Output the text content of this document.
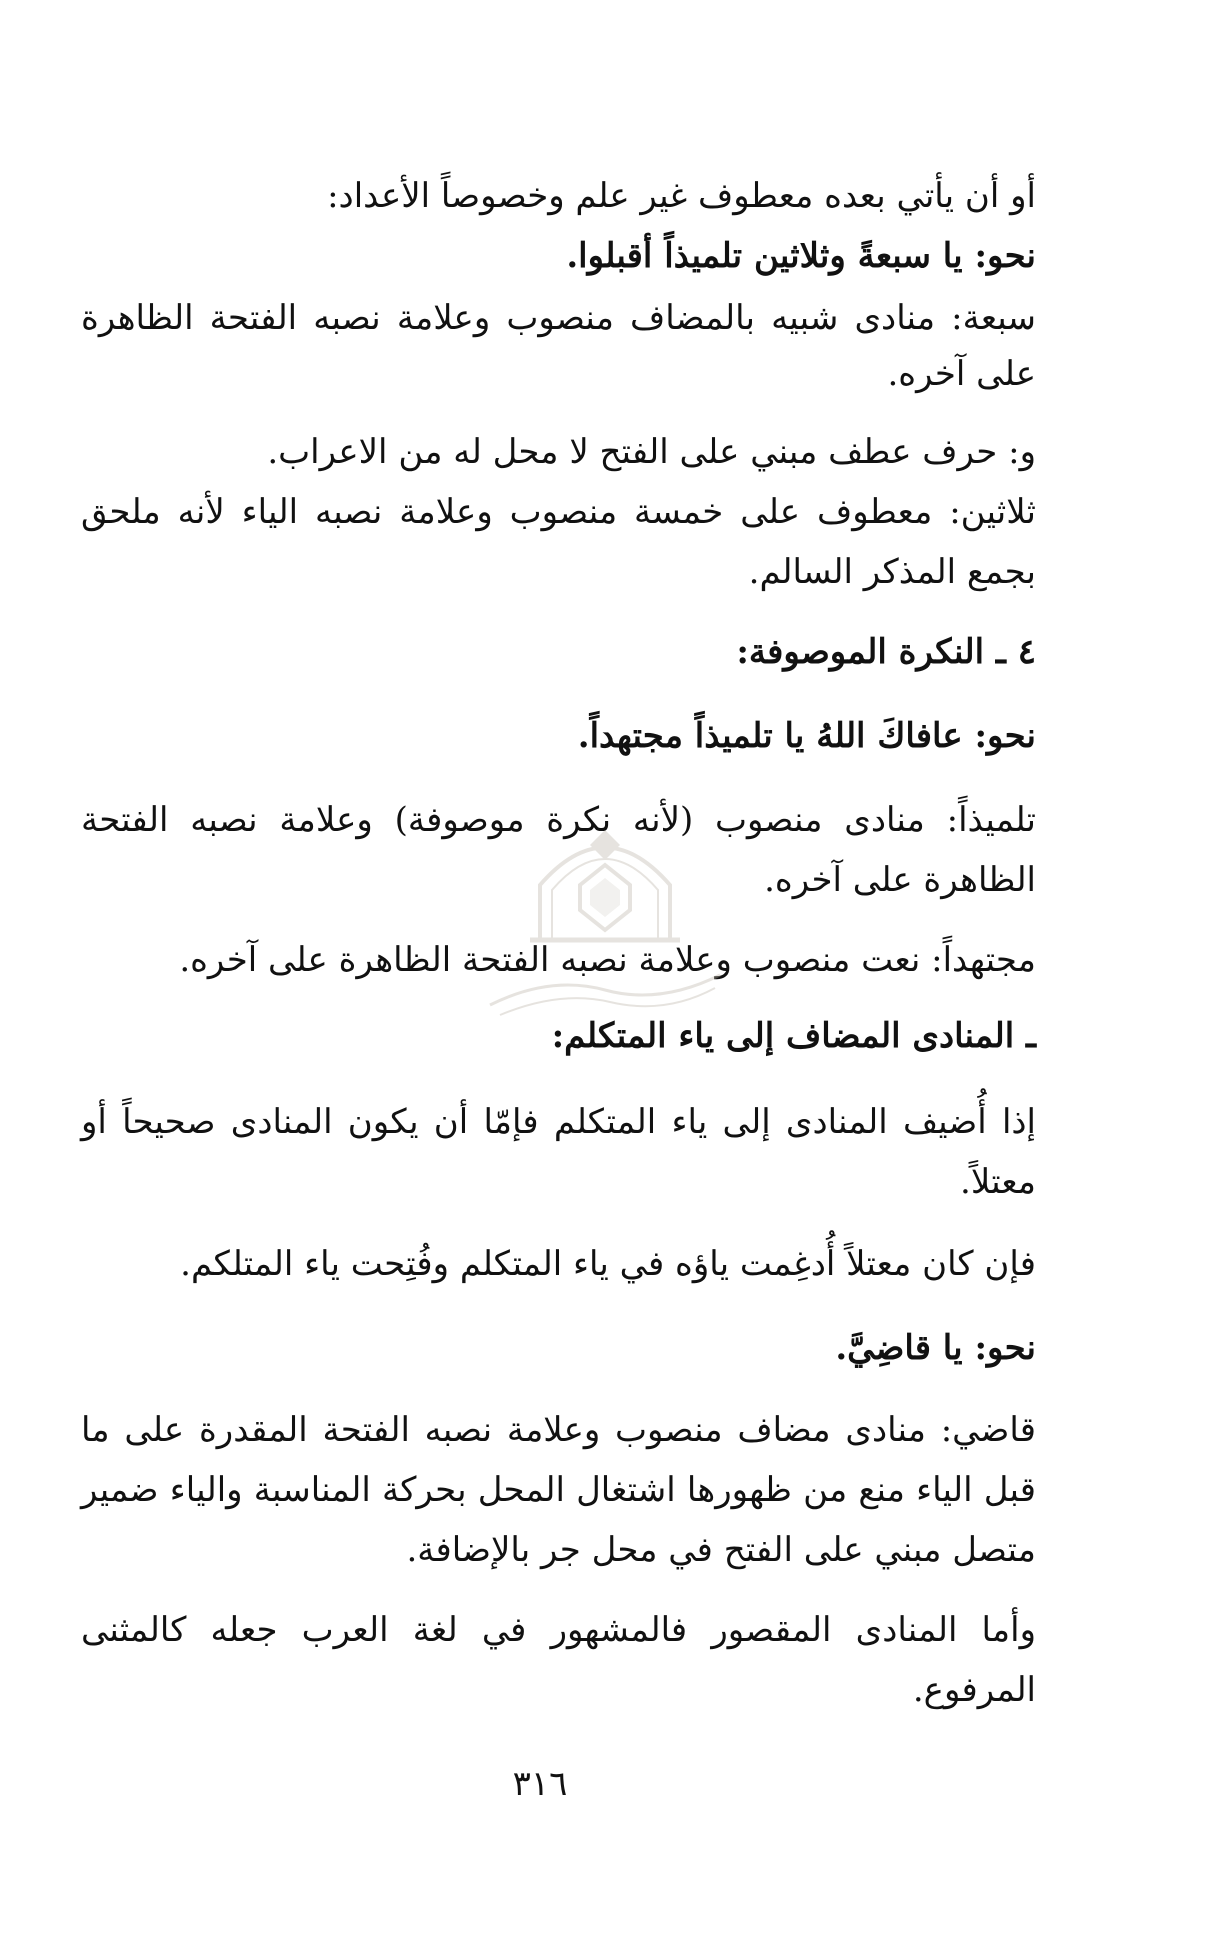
أو أن يأتي بعده معطوف غير علم وخصوصاً الأعداد:
نحو: يا سبعةً وثلاثين تلميذاً أقبلوا.
سبعة: منادى شبيه بالمضاف منصوب وعلامة نصبه الفتحة الظاهرة
على آخره.
و: حرف عطف مبني على الفتح لا محل له من الاعراب.
ثلاثين: معطوف على خمسة منصوب وعلامة نصبه الياء لأنه ملحق
بجمع المذكر السالم.
٤ ـ النكرة الموصوفة:
نحو: عافاكَ اللهُ يا تلميذاً مجتهداً.
تلميذاً: منادى منصوب (لأنه نكرة موصوفة) وعلامة نصبه الفتحة
الظاهرة على آخره.
مجتهداً: نعت منصوب وعلامة نصبه الفتحة الظاهرة على آخره.
ـ المنادى المضاف إلى ياء المتكلم:
إذا أُضيف المنادى إلى ياء المتكلم فإمّا أن يكون المنادى صحيحاً أو
معتلاً.
فإن كان معتلاً أُدغِمت ياؤه في ياء المتكلم وفُتِحت ياء المتلكم.
نحو: يا قاضِيَّ.
قاضي: منادى مضاف منصوب وعلامة نصبه الفتحة المقدرة على ما
قبل الياء منع من ظهورها اشتغال المحل بحركة المناسبة والياء ضمير
متصل مبني على الفتح في محل جر بالإضافة.
وأما المنادى المقصور فالمشهور في لغة العرب جعله كالمثنى
المرفوع.
٣١٦
